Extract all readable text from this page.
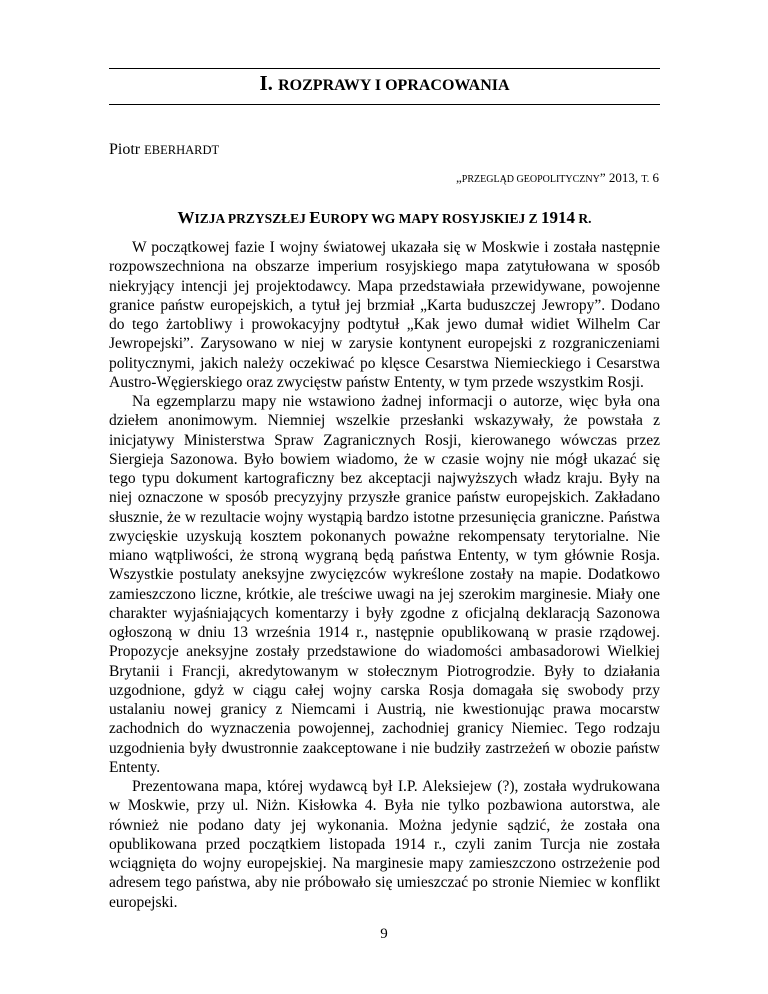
I. ROZPRAWY I OPRACOWANIA
Piotr EBERHARDT
„PRZEGLĄD GEOPOLITYCZNY” 2013, T. 6
WIZJA PRZYSZŁEJ EUROPY WG MAPY ROSYJSKIEJ Z 1914 R.

W początkowej fazie I wojny światowej ukazała się w Moskwie i została następnie rozpowszechniona na obszarze imperium rosyjskiego mapa zatytułowana w sposób niekryjący intencji jej projektodawcy. Mapa przedstawiała przewidywane, powojenne granice państw europejskich, a tytuł jej brzmiał „Karta buduszczej Jewropy”. Dodano do tego żartobliwy i prowokacyjny podtytuł „Kak jewo dumał widiet Wilhelm Car Jewropejski”. Zarysowano w niej w zarysie kontynent europejski z rozgraniczeniami politycznymi, jakich należy oczekiwać po klęsce Cesarstwa Niemieckiego i Cesarstwa Austro-Węgierskiego oraz zwycięstw państw Ententy, w tym przede wszystkim Rosji.

Na egzemplarzu mapy nie wstawiono żadnej informacji o autorze, więc była ona dziełem anonimowym. Niemniej wszelkie przesłanki wskazywały, że powstała z inicjatywy Ministerstwa Spraw Zagranicznych Rosji, kierowanego wówczas przez Siergieja Sazonowa. Było bowiem wiadomo, że w czasie wojny nie mógł ukazać się tego typu dokument kartograficzny bez akceptacji najwyższych władz kraju. Były na niej oznaczone w sposób precyzyjny przyszłe granice państw europejskich. Zakładano słusznie, że w rezultacie wojny wystąpią bardzo istotne przesunięcia graniczne. Państwa zwycięskie uzyskują kosztem pokonanych poważne rekompensaty terytorialne. Nie miano wątpliwości, że stroną wygraną będą państwa Ententy, w tym głównie Rosja. Wszystkie postulaty aneksyjne zwycięzców wykreślone zostały na mapie. Dodatkowo zamieszczono liczne, krótkie, ale treściwe uwagi na jej szerokim marginesie. Miały one charakter wyjaśniających komentarzy i były zgodne z oficjalną deklaracją Sazonowa ogłoszoną w dniu 13 września 1914 r., następnie opublikowaną w prasie rządowej. Propozycje aneksyjne zostały przedstawione do wiadomości ambasadorowi Wielkiej Brytanii i Francji, akredytowanym w stołecznym Piotrogrodzie. Były to działania uzgodnione, gdyż w ciągu całej wojny carska Rosja domagała się swobody przy ustalaniu nowej granicy z Niemcami i Austrią, nie kwestionując prawa mocarstw zachodnich do wyznaczenia powojennej, zachodniej granicy Niemiec. Tego rodzaju uzgodnienia były dwustronnie zaakceptowane i nie budziły zastrzeżeń w obozie państw Ententy.

Prezentowana mapa, której wydawcą był I.P. Aleksiejew (?), została wydrukowana w Moskwie, przy ul. Niżn. Kisłowka 4. Była nie tylko pozbawiona autorstwa, ale również nie podano daty jej wykonania. Można jedynie sądzić, że została ona opublikowana przed początkiem listopada 1914 r., czyli zanim Turcja nie została wciągnięta do wojny europejskiej. Na marginesie mapy zamieszczono ostrzeżenie pod adresem tego państwa, aby nie próbowało się umieszczać po stronie Niemiec w konflikt europejski.

9
